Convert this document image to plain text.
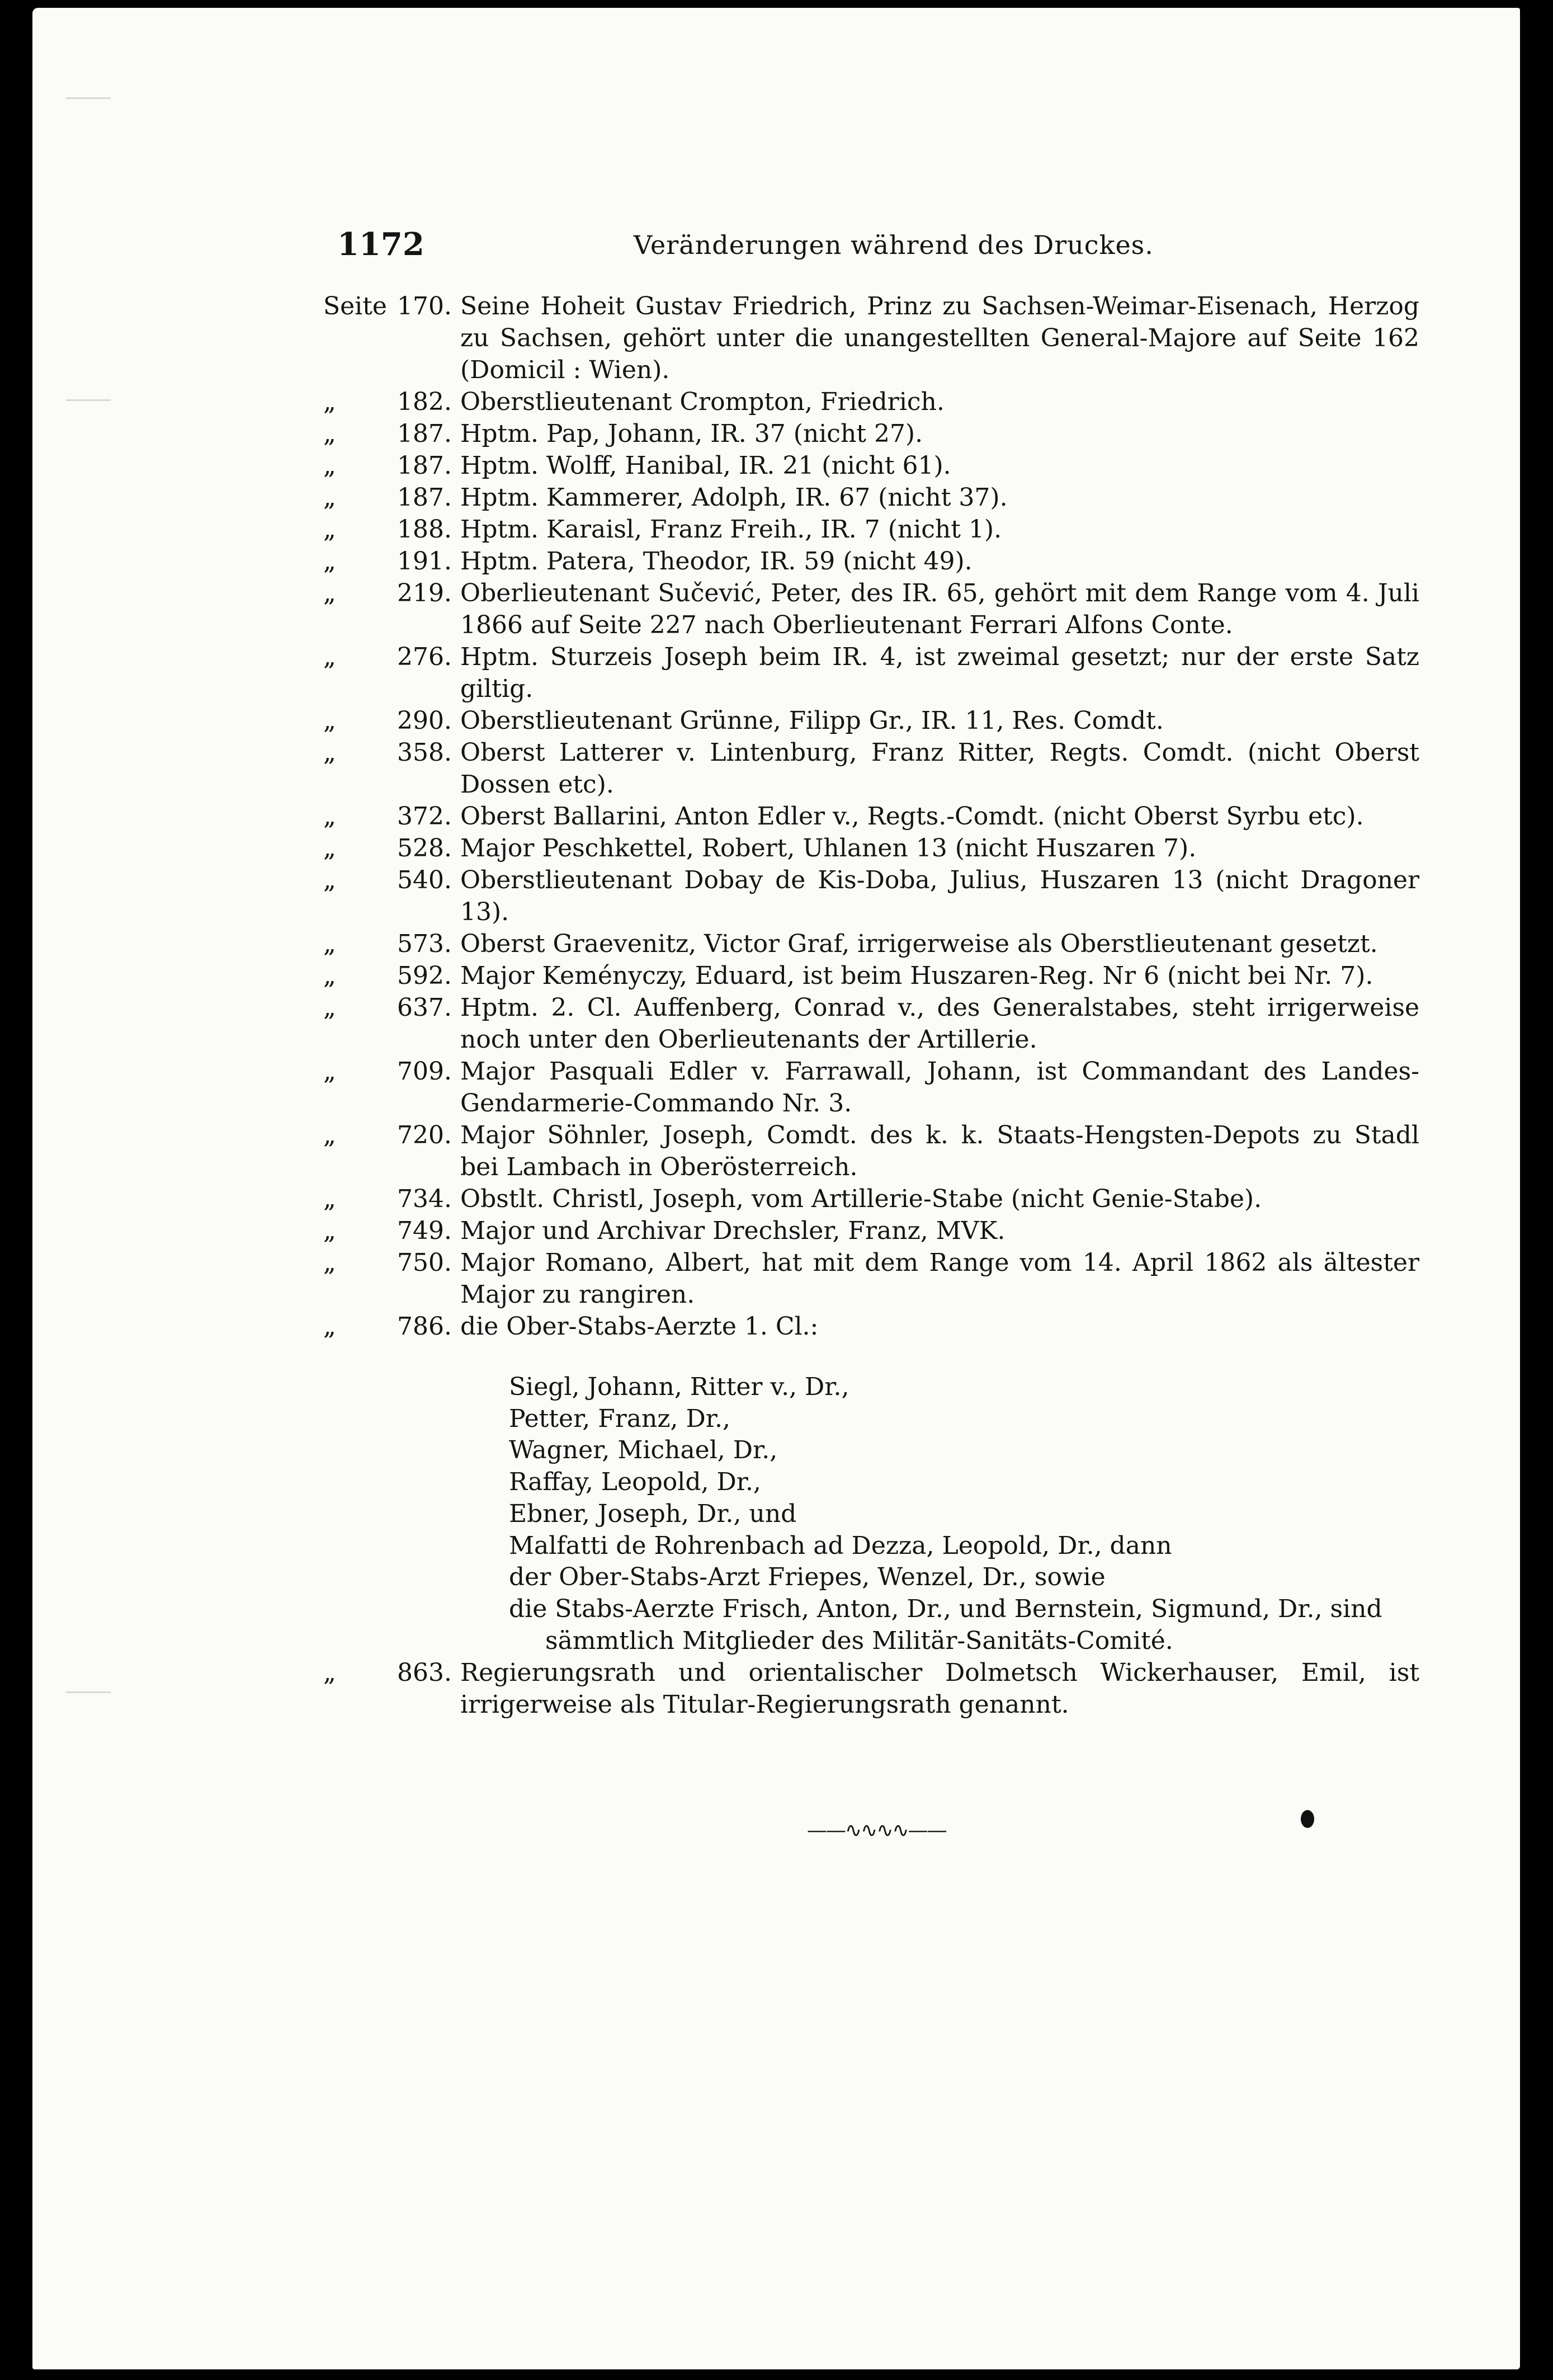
1172	Veränderungen während des Druckes.
Seite 170. Seine Hoheit Gustav Friedrich, Prinz zu Sachsen-Weimar-Eisenach, Herzog zu Sachsen, gehört unter die unangestellten General-Majore auf Seite 162 (Domicil : Wien).
„	182. Oberstlieutenant Crompton, Friedrich.
„	187. Hptm. Pap, Johann, IR. 37 (nicht 27).
„	187. Hptm. Wolff, Hanibal, IR. 21 (nicht 61).
„	187. Hptm. Kammerer, Adolph, IR. 67 (nicht 37).
„	188. Hptm. Karaisl, Franz Freih., IR. 7 (nicht 1).
„	191. Hptm. Patera, Theodor, IR. 59 (nicht 49).
„	219. Oberlieutenant Sučević, Peter, des IR. 65, gehört mit dem Range vom 4. Juli 1866 auf Seite 227 nach Oberlieutenant Ferrari Alfons Conte.
„	276. Hptm. Sturzeis Joseph beim IR. 4, ist zweimal gesetzt; nur der erste Satz giltig.
„	290. Oberstlieutenant Grünne, Filipp Gr., IR. 11, Res. Comdt.
„	358. Oberst Latterer v. Lintenburg, Franz Ritter, Regts. Comdt. (nicht Oberst Dossen etc).
„	372. Oberst Ballarini, Anton Edler v., Regts.-Comdt. (nicht Oberst Syrbu etc).
„	528. Major Peschkettel, Robert, Uhlanen 13 (nicht Huszaren 7).
„	540. Oberstlieutenant Dobay de Kis-Doba, Julius, Huszaren 13 (nicht Dragoner 13).
„	573. Oberst Graevenitz, Victor Graf, irrigerweise als Oberstlieutenant gesetzt.
„	592. Major Keményczy, Eduard, ist beim Huszaren-Reg. Nr 6 (nicht bei Nr. 7).
„	637. Hptm. 2. Cl. Auffenberg, Conrad v., des Generalstabes, steht irrigerweise noch unter den Oberlieutenants der Artillerie.
„	709. Major Pasquali Edler v. Farrawall, Johann, ist Commandant des Landes-Gendarmerie-Commando Nr. 3.
„	720. Major Söhnler, Joseph, Comdt. des k. k. Staats-Hengsten-Depots zu Stadl bei Lambach in Oberösterreich.
„	734. Obstlt. Christl, Joseph, vom Artillerie-Stabe (nicht Genie-Stabe).
„	749. Major und Archivar Drechsler, Franz, MVK.
„	750. Major Romano, Albert, hat mit dem Range vom 14. April 1862 als ältester Major zu rangiren.
„	786. die Ober-Stabs-Aerzte 1. Cl.:
Siegl, Johann, Ritter v., Dr.,
Petter, Franz, Dr.,
Wagner, Michael, Dr.,
Raffay, Leopold, Dr.,
Ebner, Joseph, Dr., und
Malfatti de Rohrenbach ad Dezza, Leopold, Dr., dann
der Ober-Stabs-Arzt Friepes, Wenzel, Dr., sowie
die Stabs-Aerzte Frisch, Anton, Dr., und Bernstein, Sigmund, Dr., sind
sämmtlich Mitglieder des Militär-Sanitäts-Comité.
„	863. Regierungsrath und orientalischer Dolmetsch Wickerhauser, Emil, ist irrigerweise als Titular-Regierungsrath genannt.
——∿∿∿∿——
